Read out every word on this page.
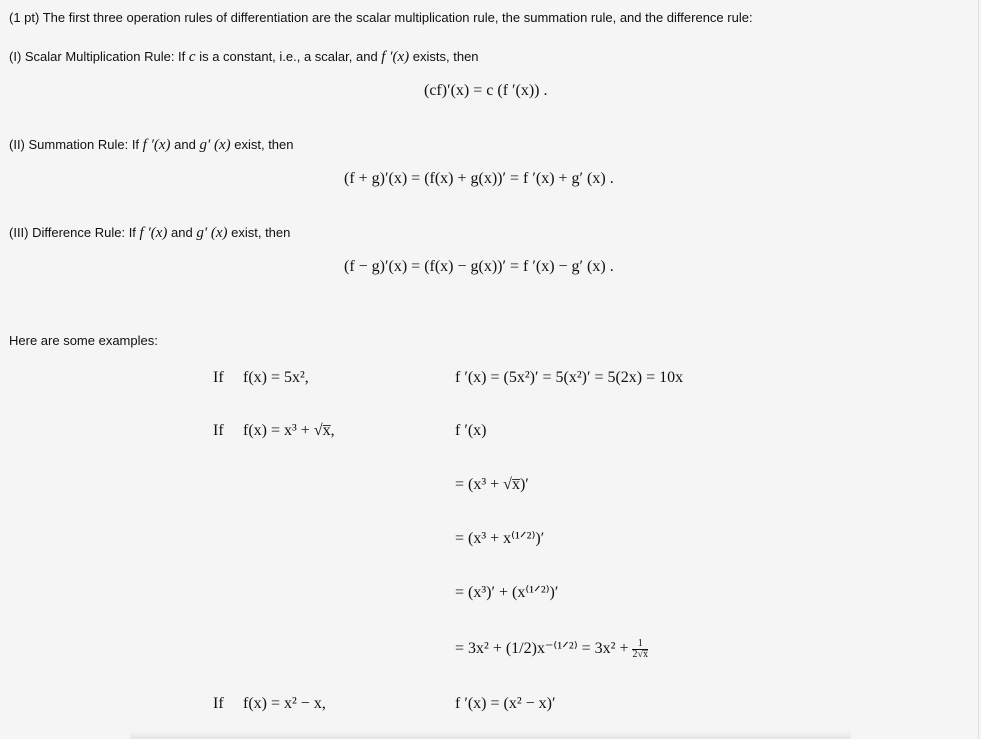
(1 pt) The first three operation rules of differentiation are the scalar multiplication rule, the summation rule, and the difference rule:
(I) Scalar Multiplication Rule: If c is a constant, i.e., a scalar, and f ′(x) exists, then
(cf)′(x) = c (f ′(x)) .
(II) Summation Rule: If f ′(x) and g′ (x) exist, then
(f + g)′(x) = (f(x) + g(x))′ = f ′(x) + g′ (x) .
(III) Difference Rule: If f ′(x) and g′ (x) exist, then
(f − g)′(x) = (f(x) − g(x))′ = f ′(x) − g′ (x) .
Here are some examples:
If f(x) = 5x²,	f ′(x) = (5x²)′ = 5(x²)′ = 5(2x) = 10x
If f(x) = x³ + √x̅,	f ′(x)
= (x³ + √x̅)′
= (x³ + x⁽¹ᐟ²⁾)′
= (x³)′ + (x⁽¹ᐟ²⁾)′
= 3x² + (1/2)x⁻⁽¹ᐟ²⁾ = $3x^2 + \frac{1}{2√x̅}$
If f(x) = x² − x,	f ′(x) = (x² − x)′
